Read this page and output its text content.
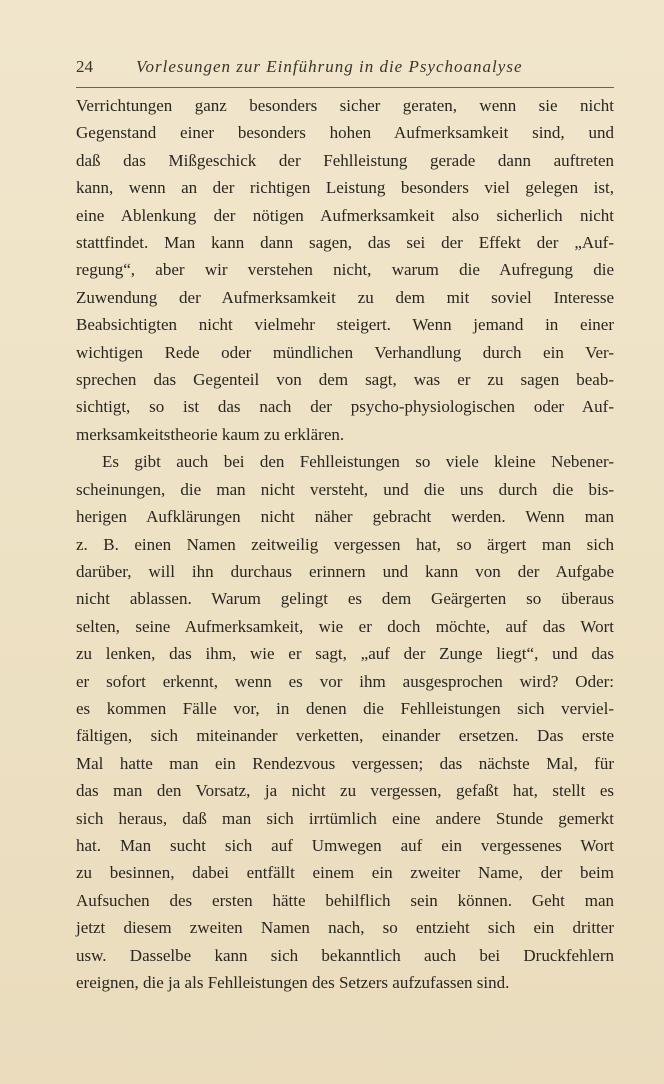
24	Vorlesungen zur Einführung in die Psychoanalyse
Verrichtungen ganz besonders sicher geraten, wenn sie nicht
Gegenstand einer besonders hohen Aufmerksamkeit sind, und
daß das Mißgeschick der Fehlleistung gerade dann auftreten
kann, wenn an der richtigen Leistung besonders viel gelegen ist,
eine Ablenkung der nötigen Aufmerksamkeit also sicherlich nicht
stattfindet. Man kann dann sagen, das sei der Effekt der „Auf-
regung“, aber wir verstehen nicht, warum die Aufregung die
Zuwendung der Aufmerksamkeit zu dem mit soviel Interesse
Beabsichtigten nicht vielmehr steigert. Wenn jemand in einer
wichtigen Rede oder mündlichen Verhandlung durch ein Ver-
sprechen das Gegenteil von dem sagt, was er zu sagen beab-
sichtigt, so ist das nach der psycho-physiologischen oder Auf-
merksamkeitstheorie kaum zu erklären.
Es gibt auch bei den Fehlleistungen so viele kleine Nebener-
scheinungen, die man nicht versteht, und die uns durch die bis-
herigen Aufklärungen nicht näher gebracht werden. Wenn man
z. B. einen Namen zeitweilig vergessen hat, so ärgert man sich
darüber, will ihn durchaus erinnern und kann von der Aufgabe
nicht ablassen. Warum gelingt es dem Geärgerten so überaus
selten, seine Aufmerksamkeit, wie er doch möchte, auf das Wort
zu lenken, das ihm, wie er sagt, „auf der Zunge liegt“, und das
er sofort erkennt, wenn es vor ihm ausgesprochen wird? Oder:
es kommen Fälle vor, in denen die Fehlleistungen sich verviel-
fältigen, sich miteinander verketten, einander ersetzen. Das erste
Mal hatte man ein Rendezvous vergessen; das nächste Mal, für
das man den Vorsatz, ja nicht zu vergessen, gefaßt hat, stellt es
sich heraus, daß man sich irrtümlich eine andere Stunde gemerkt
hat. Man sucht sich auf Umwegen auf ein vergessenes Wort
zu besinnen, dabei entfällt einem ein zweiter Name, der beim
Aufsuchen des ersten hätte behilflich sein können. Geht man
jetzt diesem zweiten Namen nach, so entzieht sich ein dritter
usw. Dasselbe kann sich bekanntlich auch bei Druckfehlern
ereignen, die ja als Fehlleistungen des Setzers aufzufassen sind.
